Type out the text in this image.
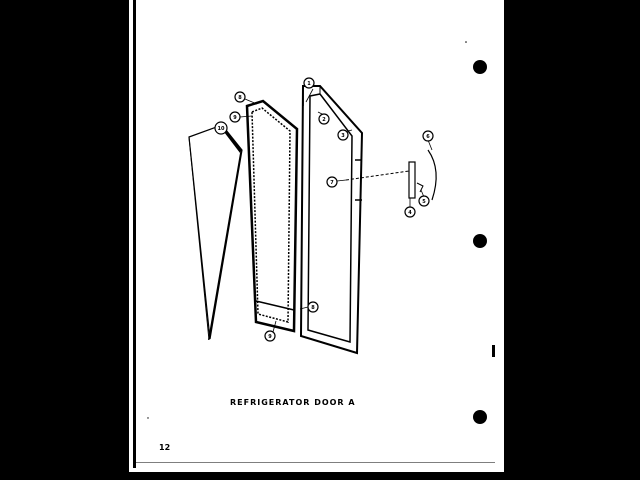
1
2
3
4
5
6
7
8
9
10
8
9
REFRIGERATOR DOOR A
12
